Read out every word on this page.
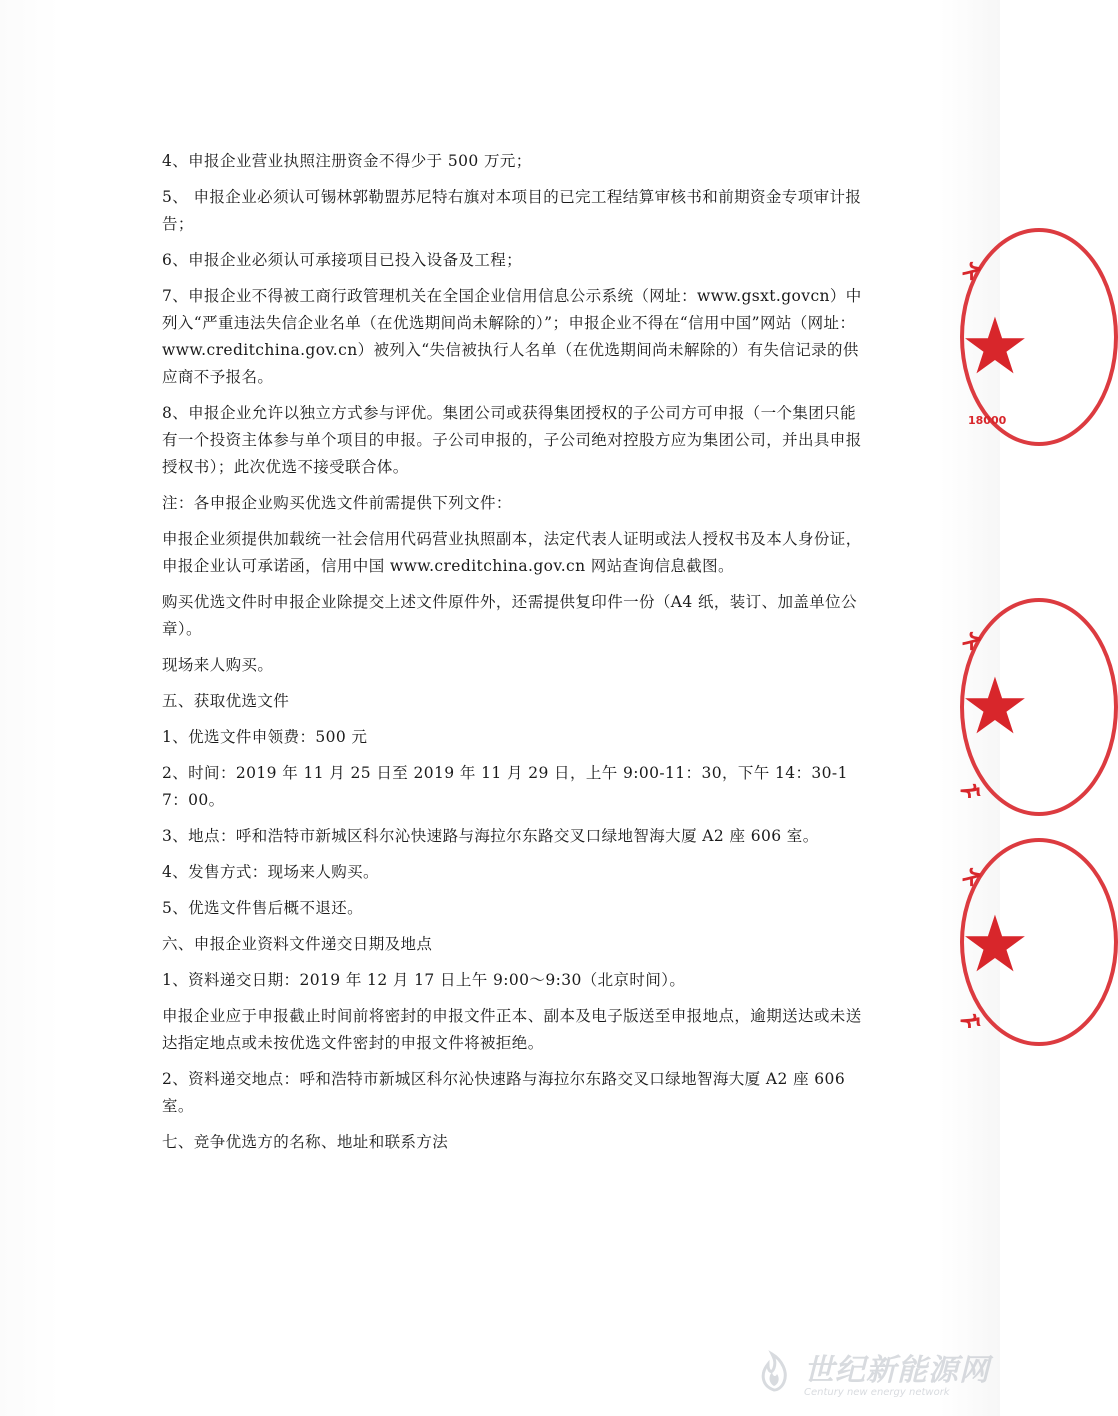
4、申报企业营业执照注册资金不得少于 500 万元；

5、 申报企业必须认可锡林郭勒盟苏尼特右旗对本项目的已完工程结算审核书和前期资金专项审计报告；

6、申报企业必须认可承接项目已投入设备及工程；

7、申报企业不得被工商行政管理机关在全国企业信用信息公示系统（网址：www.gsxt.govcn）中列入“严重违法失信企业名单（在优选期间尚未解除的）”；申报企业不得在“信用中国”网站（网址：www.creditchina.gov.cn）被列入“失信被执行人名单（在优选期间尚未解除的）有失信记录的供应商不予报名。

8、申报企业允许以独立方式参与评优。集团公司或获得集团授权的子公司方可申报（一个集团只能有一个投资主体参与单个项目的申报。子公司申报的，子公司绝对控股方应为集团公司，并出具申报授权书）；此次优选不接受联合体。

注：各申报企业购买优选文件前需提供下列文件：

申报企业须提供加载统一社会信用代码营业执照副本，法定代表人证明或法人授权书及本人身份证，申报企业认可承诺函，信用中国 www.creditchina.gov.cn 网站查询信息截图。

购买优选文件时申报企业除提交上述文件原件外，还需提供复印件一份（A4 纸，装订、加盖单位公章）。

现场来人购买。

五、获取优选文件

1、优选文件申领费：500 元

2、时间：2019 年 11 月 25 日至 2019 年 11 月 29 日，上午 9:00-11：30，下午 14：30-17：00。

3、地点：呼和浩特市新城区科尔沁快速路与海拉尔东路交叉口绿地智海大厦 A2 座 606 室。

4、发售方式：现场来人购买。

5、优选文件售后概不退还。

六、申报企业资料文件递交日期及地点

1、资料递交日期：2019 年 12 月 17 日上午 9:00～9:30（北京时间）。

申报企业应于申报截止时间前将密封的申报文件正本、副本及电子版送至申报地点，逾期送达或未送达指定地点或未按优选文件密封的申报文件将被拒绝。

2、资料递交地点：呼和浩特市新城区科尔沁快速路与海拉尔东路交叉口绿地智海大厦 A2 座 606 室。

七、竞争优选方的名称、地址和联系方法

ᠰ
★
18000
ᠰ
★
ᠮ
ᠰ
★
ᠮ
世纪新能源网
Century new energy network
